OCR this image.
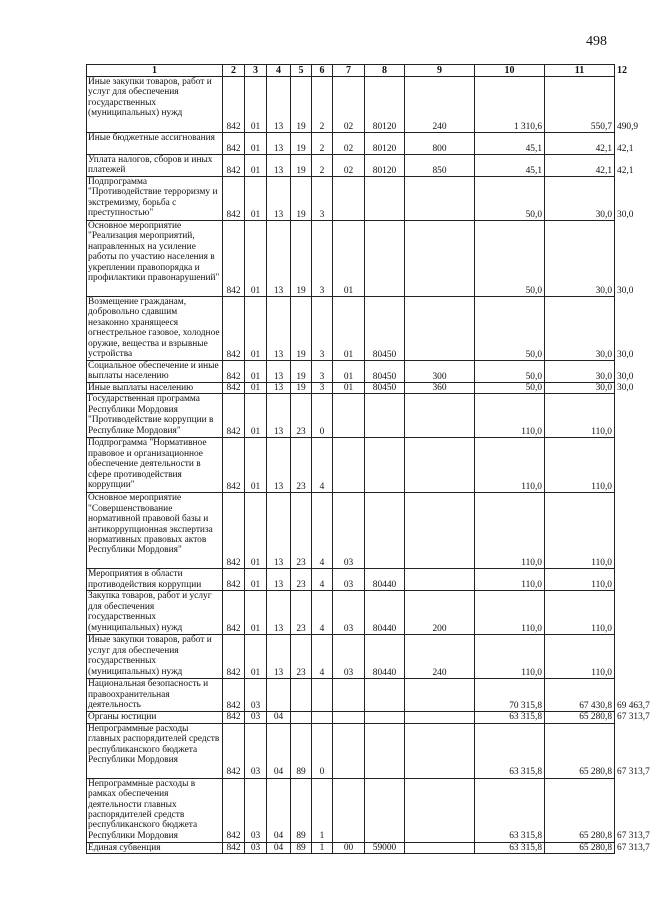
498
1	2	3	4	5	6	7	8	9	10	11	12
Иные закупки товаров, работ и услуг для обеспечения государственных (муниципальных) нужд	842	01	13	19	2	02	80120	240	1 310,6	550,7	490,9
Иные бюджетные ассигнования	842	01	13	19	2	02	80120	800	45,1	42,1	42,1
Уплата налогов, сборов и иных платежей	842	01	13	19	2	02	80120	850	45,1	42,1	42,1
Подпрограмма "Противодействие терроризму и экстремизму, борьба с преступностью"	842	01	13	19	3				50,0	30,0	30,0
Основное мероприятие "Реализация мероприятий, направленных на усиление работы по участию населения в укреплении правопорядка и профилактики правонарушений"	842	01	13	19	3	01			50,0	30,0	30,0
Возмещение гражданам, добровольно сдавшим незаконно хранящееся огнестрельное газовое, холодное оружие, вещества и взрывные устройства	842	01	13	19	3	01	80450		50,0	30,0	30,0
Социальное обеспечение и иные выплаты населению	842	01	13	19	3	01	80450	300	50,0	30,0	30,0
Иные выплаты населению	842	01	13	19	3	01	80450	360	50,0	30,0	30,0
Государственная программа Республики Мордовия "Противодействие коррупции в Республике Мордовия"	842	01	13	23	0				110,0	110,0	
Подпрограмма "Нормативное правовое и организационное обеспечение деятельности в сфере противодействия коррупции"	842	01	13	23	4				110,0	110,0	
Основное мероприятие "Совершенствование нормативной правовой базы и антикоррупционная экспертиза нормативных правовых актов Республики Мордовия"	842	01	13	23	4	03			110,0	110,0	
Мероприятия в области противодействия коррупции	842	01	13	23	4	03	80440		110,0	110,0	
Закупка товаров, работ и услуг для обеспечения государственных (муниципальных) нужд	842	01	13	23	4	03	80440	200	110,0	110,0	
Иные закупки товаров, работ и услуг для обеспечения государственных (муниципальных) нужд	842	01	13	23	4	03	80440	240	110,0	110,0	
Национальная безопасность и правоохранительная деятельность	842	03							70 315,8	67 430,8	69 463,7
Органы юстиции	842	03	04						63 315,8	65 280,8	67 313,7
Непрограммные расходы главных распорядителей средств республиканского бюджета Республики Мордовия	842	03	04	89	0				63 315,8	65 280,8	67 313,7
Непрограммные расходы в рамках обеспечения деятельности главных распорядителей средств республиканского бюджета Республики Мордовия	842	03	04	89	1				63 315,8	65 280,8	67 313,7
Единая субвенция	842	03	04	89	1	00	59000		63 315,8	65 280,8	67 313,7
